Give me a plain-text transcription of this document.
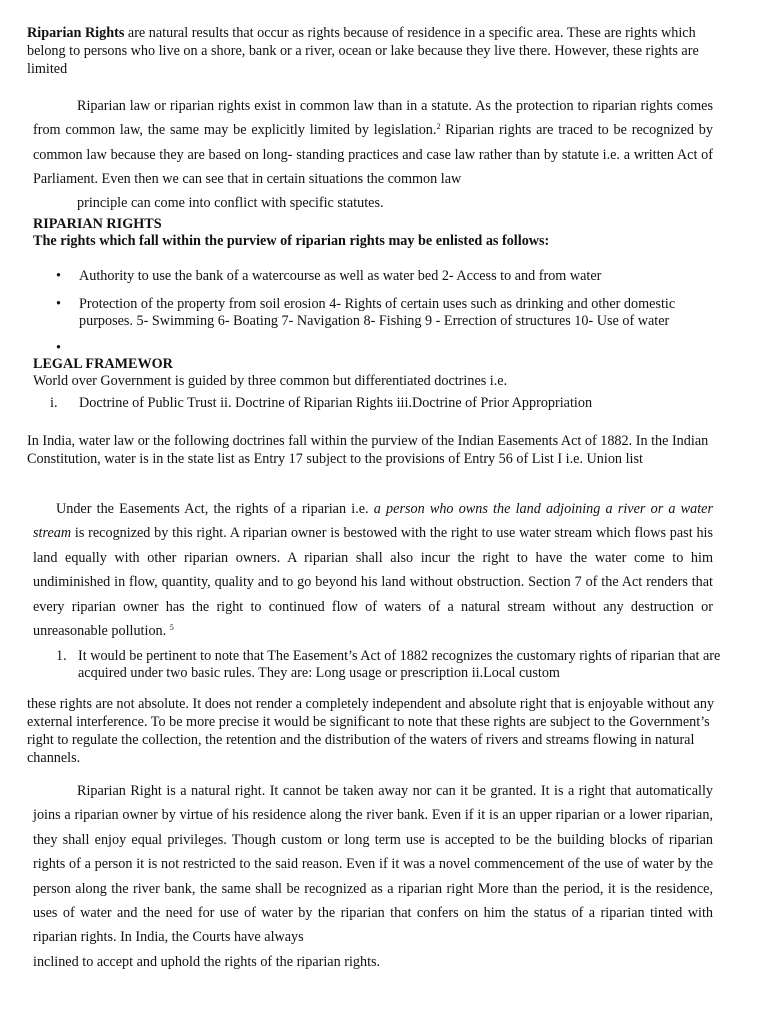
Riparian Rights are natural results that occur as rights because of residence in a specific area. These are rights which belong to persons who live on a shore, bank or a river, ocean or lake because they live there. However, these rights are limited

Riparian law or riparian rights exist in common law than in a statute. As the protection to riparian rights comes from common law, the same may be explicitly limited by legislation.$^2$ Riparian rights are traced to be recognized by common law because they are based on long- standing practices and case law rather than by statute i.e. a written Act of Parliament. Even then we can see that in certain situations the common law
principle can come into conflict with specific statutes.

RIPARIAN RIGHTS
The rights which fall within the purview of riparian rights may be enlisted as follows:
• Authority to use the bank of a watercourse as well as water bed 2- Access to and from water
• Protection of the property from soil erosion 4- Rights of certain uses such as drinking and other domestic purposes. 5- Swimming 6- Boating 7- Navigation 8- Fishing 9 - Errection of structures 10- Use of water
•
LEGAL FRAMEWOR
World over Government is guided by three common but differentiated doctrines i.e.
i. Doctrine of Public Trust ii. Doctrine of Riparian Rights iii.Doctrine of Prior Appropriation

In India, water law or the following doctrines fall within the purview of the Indian Easements Act of 1882. In the Indian Constitution, water is in the state list as Entry 17 subject to the provisions of Entry 56 of List I i.e. Union list

Under the Easements Act, the rights of a riparian i.e. a person who owns the land adjoining a river or a water stream is recognized by this right. A riparian owner is bestowed with the right to use water stream which flows past his land equally with other riparian owners. A riparian shall also incur the right to have the water come to him undiminished in flow, quantity, quality and to go beyond his land without obstruction. Section 7 of the Act renders that every riparian owner has the right to continued flow of waters of a natural stream without any destruction or unreasonable pollution. $^5$

1. It would be pertinent to note that The Easement’s Act of 1882 recognizes the customary rights of riparian that are acquired under two basic rules. They are: Long usage or prescription ii.Local custom

these rights are not absolute. It does not render a completely independent and absolute right that is enjoyable without any external interference. To be more precise it would be significant to note that these rights are subject to the Government’s right to regulate the collection, the retention and the distribution of the waters of rivers and streams flowing in natural channels.

Riparian Right is a natural right. It cannot be taken away nor can it be granted. It is a right that automatically joins a riparian owner by virtue of his residence along the river bank. Even if it is an upper riparian or a lower riparian, they shall enjoy equal privileges. Though custom or long term use is accepted to be the building blocks of riparian rights of a person it is not restricted to the said reason. Even if it was a novel commencement of the use of water by the person along the river bank, the same shall be recognized as a riparian right More than the period, it is the residence, uses of water and the need for use of water by the riparian that confers on him the status of a riparian tinted with riparian rights. In India, the Courts have always
inclined to accept and uphold the rights of the riparian rights.
